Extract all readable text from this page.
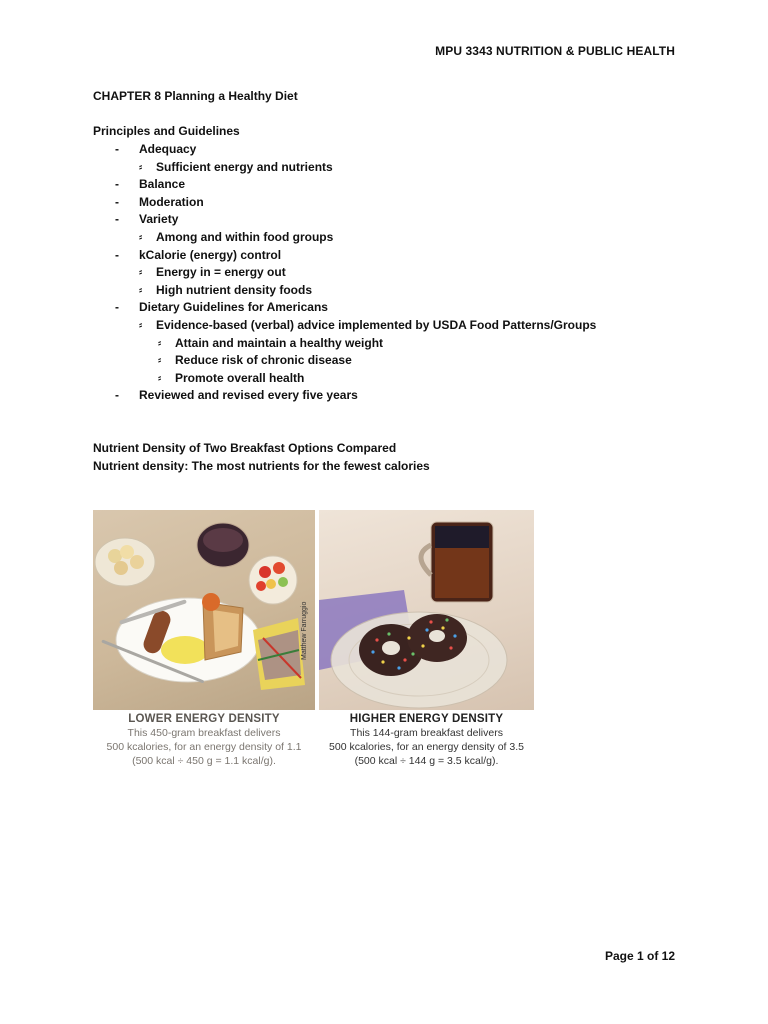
MPU 3343 NUTRITION & PUBLIC HEALTH
CHAPTER 8 Planning a Healthy Diet
Principles and Guidelines
- Adequacy
⸗ Sufficient energy and nutrients
- Balance
- Moderation
- Variety
⸗ Among and within food groups
- kCalorie (energy) control
⸗ Energy in = energy out
⸗ High nutrient density foods
- Dietary Guidelines for Americans
⸗ Evidence-based (verbal) advice implemented by USDA Food Patterns/Groups
⸗ Attain and maintain a healthy weight
⸗ Reduce risk of chronic disease
⸗ Promote overall health
- Reviewed and revised every five years
Nutrient Density of Two Breakfast Options Compared
Nutrient density: The most nutrients for the fewest calories
Matthew Farruggio
LOWER ENERGY DENSITY
This 450-gram breakfast delivers
500 kcalories, for an energy density of 1.1
(500 kcal ÷ 450 g = 1.1 kcal/g).
HIGHER ENERGY DENSITY
This 144-gram breakfast delivers
500 kcalories, for an energy density of 3.5
(500 kcal ÷ 144 g = 3.5 kcal/g).
Page 1 of 12
